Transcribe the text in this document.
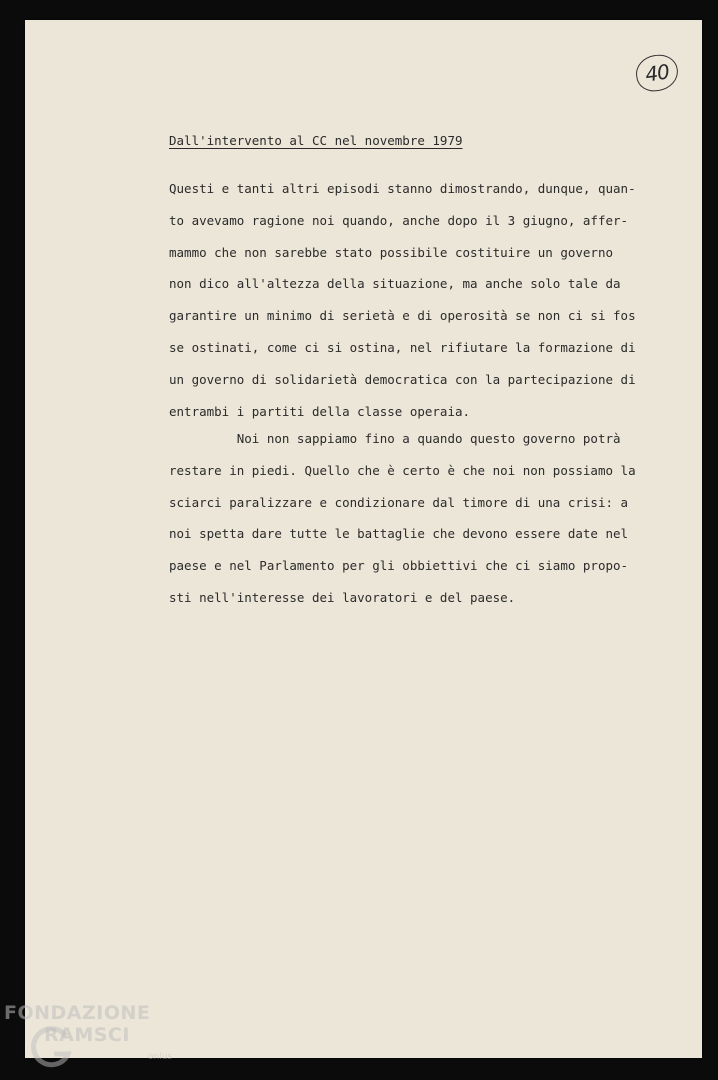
40
Dall'intervento al CC nel novembre 1979
Questi e tanti altri episodi stanno dimostrando, dunque, quan-
to avevamo ragione noi quando, anche dopo il 3 giugno, affer-
mammo che non sarebbe stato possibile costituire un governo
non dico all'altezza della situazione, ma anche solo tale da
garantire un minimo di serietà e di operosità se non ci si fos
se ostinati, come ci si ostina, nel rifiutare la formazione di
un governo di solidarietà democratica con la partecipazione di
entrambi i partiti della classe operaia.
Noi non sappiamo fino a quando questo governo potrà
restare in piedi. Quello che è certo è che noi non possiamo la
sciarci paralizzare e condizionare dal timore di una crisi: a
noi spetta dare tutte le battaglie che devono essere date nel
paese e nel Parlamento per gli obbiettivi che ci siamo propo-
sti nell'interesse dei lavoratori e del paese.
FONDAZIONE
RAMSCI
onlus
